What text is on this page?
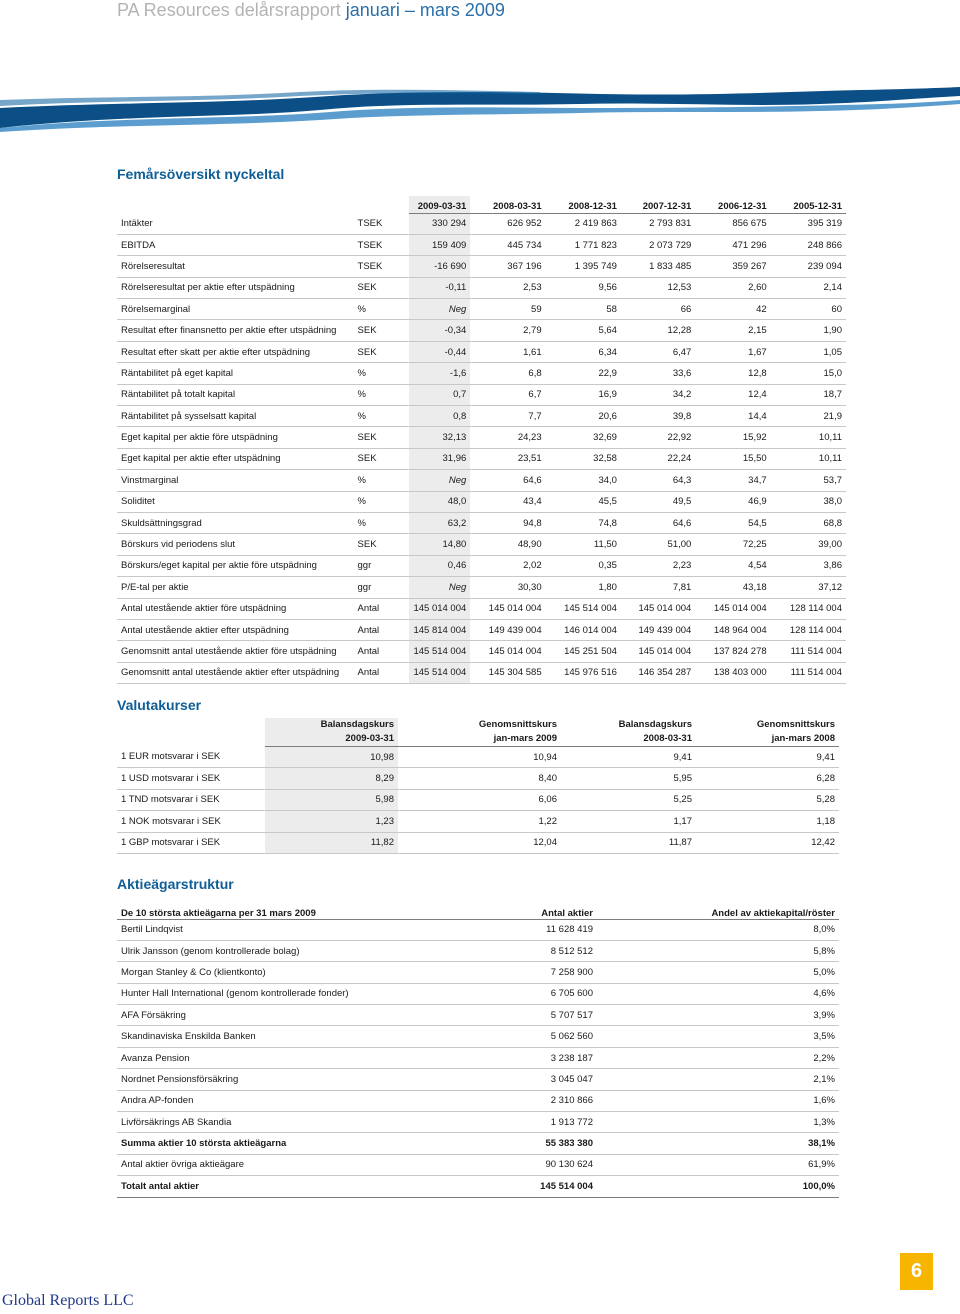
PA Resources delårsrapport januari – mars 2009
Femårsöversikt nyckeltal
		2009-03-31	2008-03-31	2008-12-31	2007-12-31	2006-12-31	2005-12-31
Intäkter	TSEK	330 294	626 952	2 419 863	2 793 831	856 675	395 319
EBITDA	TSEK	159 409	445 734	1 771 823	2 073 729	471 296	248 866
Rörelseresultat	TSEK	-16 690	367 196	1 395 749	1 833 485	359 267	239 094
Rörelseresultat per aktie efter utspädning	SEK	-0,11	2,53	9,56	12,53	2,60	2,14
Rörelsemarginal	%	Neg	59	58	66	42	60
Resultat efter finansnetto per aktie efter utspädning	SEK	-0,34	2,79	5,64	12,28	2,15	1,90
Resultat efter skatt per aktie efter utspädning	SEK	-0,44	1,61	6,34	6,47	1,67	1,05
Räntabilitet på eget kapital	%	-1,6	6,8	22,9	33,6	12,8	15,0
Räntabilitet på totalt kapital	%	0,7	6,7	16,9	34,2	12,4	18,7
Räntabilitet på sysselsatt kapital	%	0,8	7,7	20,6	39,8	14,4	21,9
Eget kapital per aktie före utspädning	SEK	32,13	24,23	32,69	22,92	15,92	10,11
Eget kapital per aktie efter utspädning	SEK	31,96	23,51	32,58	22,24	15,50	10,11
Vinstmarginal	%	Neg	64,6	34,0	64,3	34,7	53,7
Soliditet	%	48,0	43,4	45,5	49,5	46,9	38,0
Skuldsättningsgrad	%	63,2	94,8	74,8	64,6	54,5	68,8
Börskurs vid periodens slut	SEK	14,80	48,90	11,50	51,00	72,25	39,00
Börskurs/eget kapital per aktie före utspädning	ggr	0,46	2,02	0,35	2,23	4,54	3,86
P/E-tal per aktie	ggr	Neg	30,30	1,80	7,81	43,18	37,12
Antal utestående aktier före utspädning	Antal	145 014 004	145 014 004	145 514 004	145 014 004	145 014 004	128 114 004
Antal utestående aktier efter utspädning	Antal	145 814 004	149 439 004	146 014 004	149 439 004	148 964 004	128 114 004
Genomsnitt antal utestående aktier före utspädning	Antal	145 514 004	145 014 004	145 251 504	145 014 004	137 824 278	111 514 004
Genomsnitt antal utestående aktier efter utspädning	Antal	145 514 004	145 304 585	145 976 516	146 354 287	138 403 000	111 514 004
Valutakurser
	Balansdagskurs	Genomsnittskurs	Balansdagskurs	Genomsnittskurs
	2009-03-31	jan-mars 2009	2008-03-31	jan-mars 2008
1 EUR motsvarar i SEK	10,98	10,94	9,41	9,41
1 USD motsvarar i SEK	8,29	8,40	5,95	6,28
1 TND motsvarar i SEK	5,98	6,06	5,25	5,28
1 NOK motsvarar i SEK	1,23	1,22	1,17	1,18
1 GBP motsvarar i SEK	11,82	12,04	11,87	12,42
Aktieägarstruktur
De 10 största aktieägarna per 31 mars 2009	Antal aktier	Andel av aktiekapital/röster
Bertil Lindqvist	11 628 419	8,0%
Ulrik Jansson (genom kontrollerade bolag)	8 512 512	5,8%
Morgan Stanley & Co (klientkonto)	7 258 900	5,0%
Hunter Hall International (genom kontrollerade fonder)	6 705 600	4,6%
AFA Försäkring	5 707 517	3,9%
Skandinaviska Enskilda Banken	5 062 560	3,5%
Avanza Pension	3 238 187	2,2%
Nordnet Pensionsförsäkring	3 045 047	2,1%
Andra AP-fonden	2 310 866	1,6%
Livförsäkrings AB Skandia	1 913 772	1,3%
Summa aktier 10 största aktieägarna	55 383 380	38,1%
Antal aktier övriga aktieägare	90 130 624	61,9%
Totalt antal aktier	145 514 004	100,0%
Global Reports LLC
6
